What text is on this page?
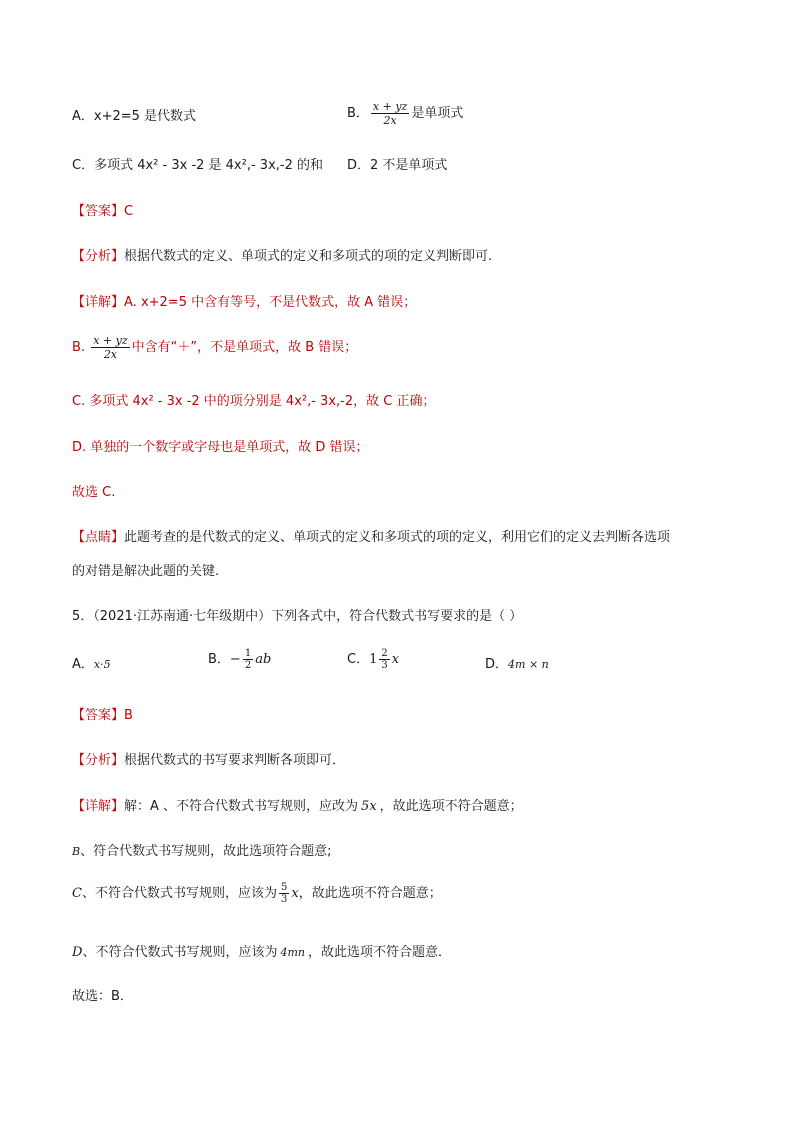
A．x+2=5 是代数式	B． $\frac{x + yz}{2x}$ 是单项式
C．多项式 4x² - 3x -2 是 4x²,- 3x,-2 的和 D．2 不是单项式
【答案】C
【分析】根据代数式的定义、单项式的定义和多项式的项的定义判断即可.
【详解】A. x+2=5 中含有等号，不是代数式，故 A 错误；
B. $\frac{x + yz}{2x}$ 中含有“＋”，不是单项式，故 B 错误；
C. 多项式 4x² - 3x -2 中的项分别是 4x²,- 3x,-2，故 C 正确；
D. 单独的一个数字或字母也是单项式，故 D 错误；
故选 C.
【点睛】此题考查的是代数式的定义、单项式的定义和多项式的项的定义，利用它们的定义去判断各选项
的对错是解决此题的关键.
5．（2021·江苏南通·七年级期中）下列各式中，符合代数式书写要求的是（ ）
A．x·5	B．− $\frac{1}{2}$ ab	C．$1 \frac{2}{3}$ x	D．4m × n
【答案】B
【分析】根据代数式的书写要求判断各项即可．
【详解】解：A 、不符合代数式书写规则，应改为 5x ，故此选项不符合题意；
B、符合代数式书写规则，故此选项符合题意;
C、不符合代数式书写规则，应该为 $\frac{5}{3}$ x，故此选项不符合题意；
D、不符合代数式书写规则，应该为 4mn ，故此选项不符合题意．
故选：B．
